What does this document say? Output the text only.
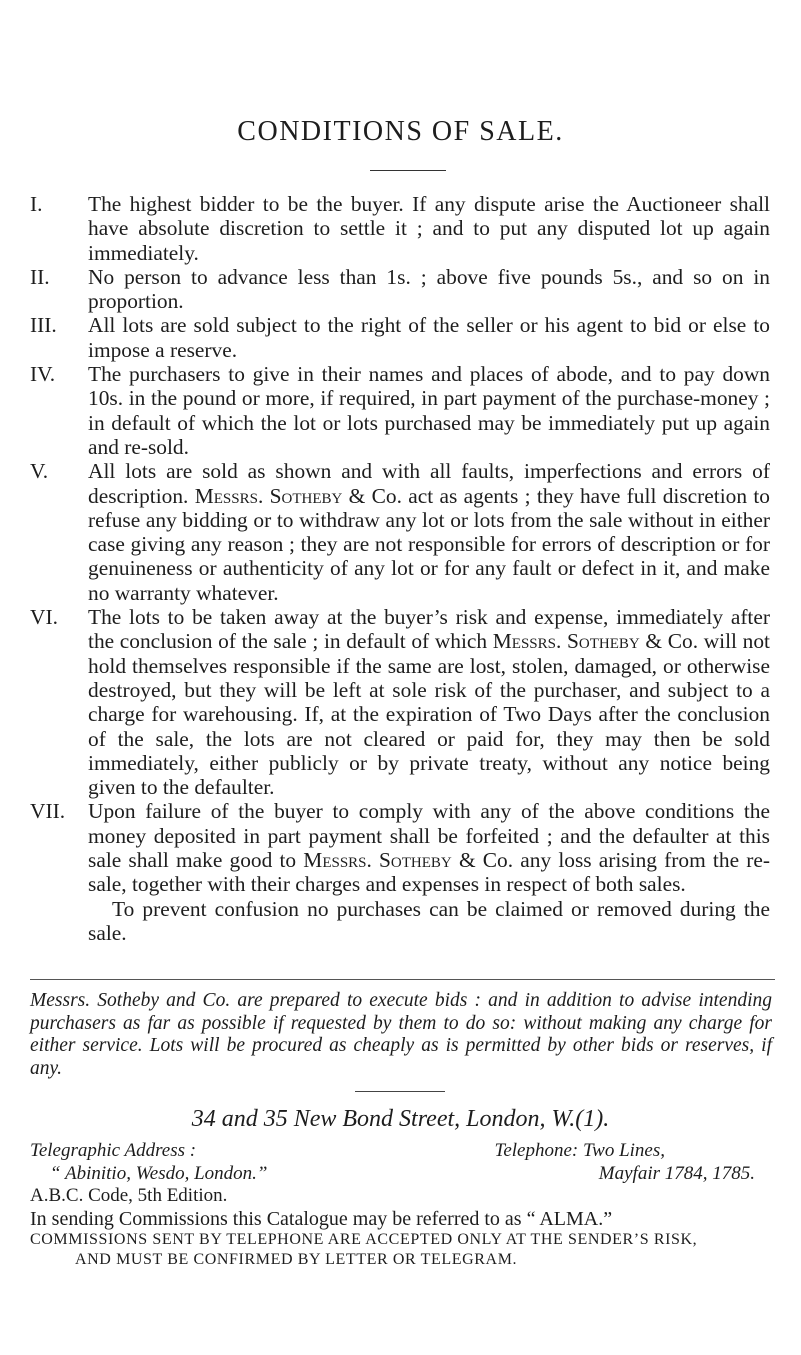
CONDITIONS OF SALE.
I.	The highest bidder to be the buyer. If any dispute arise the Auctioneer shall have absolute discretion to settle it ; and to put any disputed lot up again immediately.
II.	No person to advance less than 1s. ; above five pounds 5s., and so on in proportion.
III.	All lots are sold subject to the right of the seller or his agent to bid or else to impose a reserve.
IV.	The purchasers to give in their names and places of abode, and to pay down 10s. in the pound or more, if required, in part payment of the purchase-money ; in default of which the lot or lots purchased may be immediately put up again and re-sold.
V.	All lots are sold as shown and with all faults, imperfections and errors of description. Messrs. Sotheby & Co. act as agents ; they have full discretion to refuse any bidding or to withdraw any lot or lots from the sale without in either case giving any reason ; they are not responsible for errors of description or for genuineness or authenticity of any lot or for any fault or defect in it, and make no warranty whatever.
VI.	The lots to be taken away at the buyer’s risk and expense, immediately after the conclusion of the sale ; in default of which Messrs. Sotheby & Co. will not hold themselves responsible if the same are lost, stolen, damaged, or otherwise destroyed, but they will be left at sole risk of the purchaser, and subject to a charge for warehousing. If, at the expiration of Two Days after the conclusion of the sale, the lots are not cleared or paid for, they may then be sold immediately, either publicly or by private treaty, without any notice being given to the defaulter.
VII.	Upon failure of the buyer to comply with any of the above conditions the money deposited in part payment shall be forfeited ; and the defaulter at this sale shall make good to Messrs. Sotheby & Co. any loss arising from the re-sale, together with their charges and expenses in respect of both sales.
To prevent confusion no purchases can be claimed or removed during the sale.
Messrs. Sotheby and Co. are prepared to execute bids : and in addition to advise intending purchasers as far as possible if requested by them to do so: without making any charge for either service. Lots will be procured as cheaply as is permitted by other bids or reserves, if any.
34 and 35 New Bond Street, London, W.(1).
Telegraphic Address :	Telephone: Two Lines,
“ Abinitio, Wesdo, London.”	Mayfair 1784, 1785.
A.B.C. Code, 5th Edition.
In sending Commissions this Catalogue may be referred to as “ ALMA.”
COMMISSIONS SENT BY TELEPHONE ARE ACCEPTED ONLY AT THE SENDER’S RISK,
AND MUST BE CONFIRMED BY LETTER OR TELEGRAM.
